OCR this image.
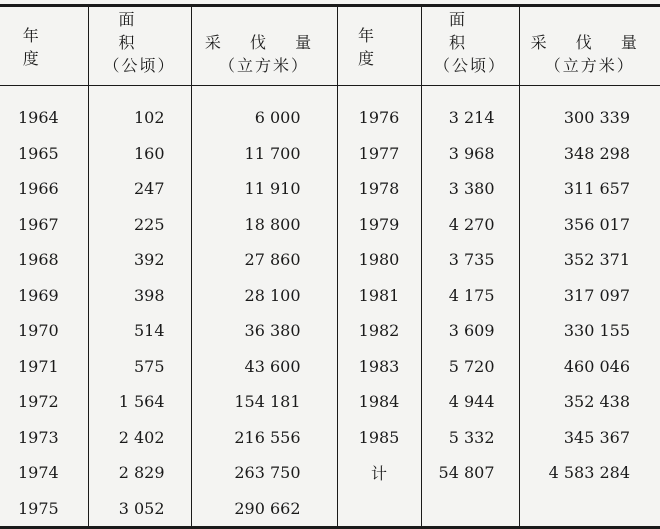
年 度	面 积	采 伐 量	年 度	面 积	采 伐 量
	（公顷）	（立方米）		（公顷）	（立方米）
1964	102	6 000	1976	3 214	300 339
1965	160	11 700	1977	3 968	348 298
1966	247	11 910	1978	3 380	311 657
1967	225	18 800	1979	4 270	356 017
1968	392	27 860	1980	3 735	352 371
1969	398	28 100	1981	4 175	317 097
1970	514	36 380	1982	3 609	330 155
1971	575	43 600	1983	5 720	460 046
1972	1 564	154 181	1984	4 944	352 438
1973	2 402	216 556	1985	5 332	345 367
1974	2 829	263 750	计	54 807	4 583 284
1975	3 052	290 662			
